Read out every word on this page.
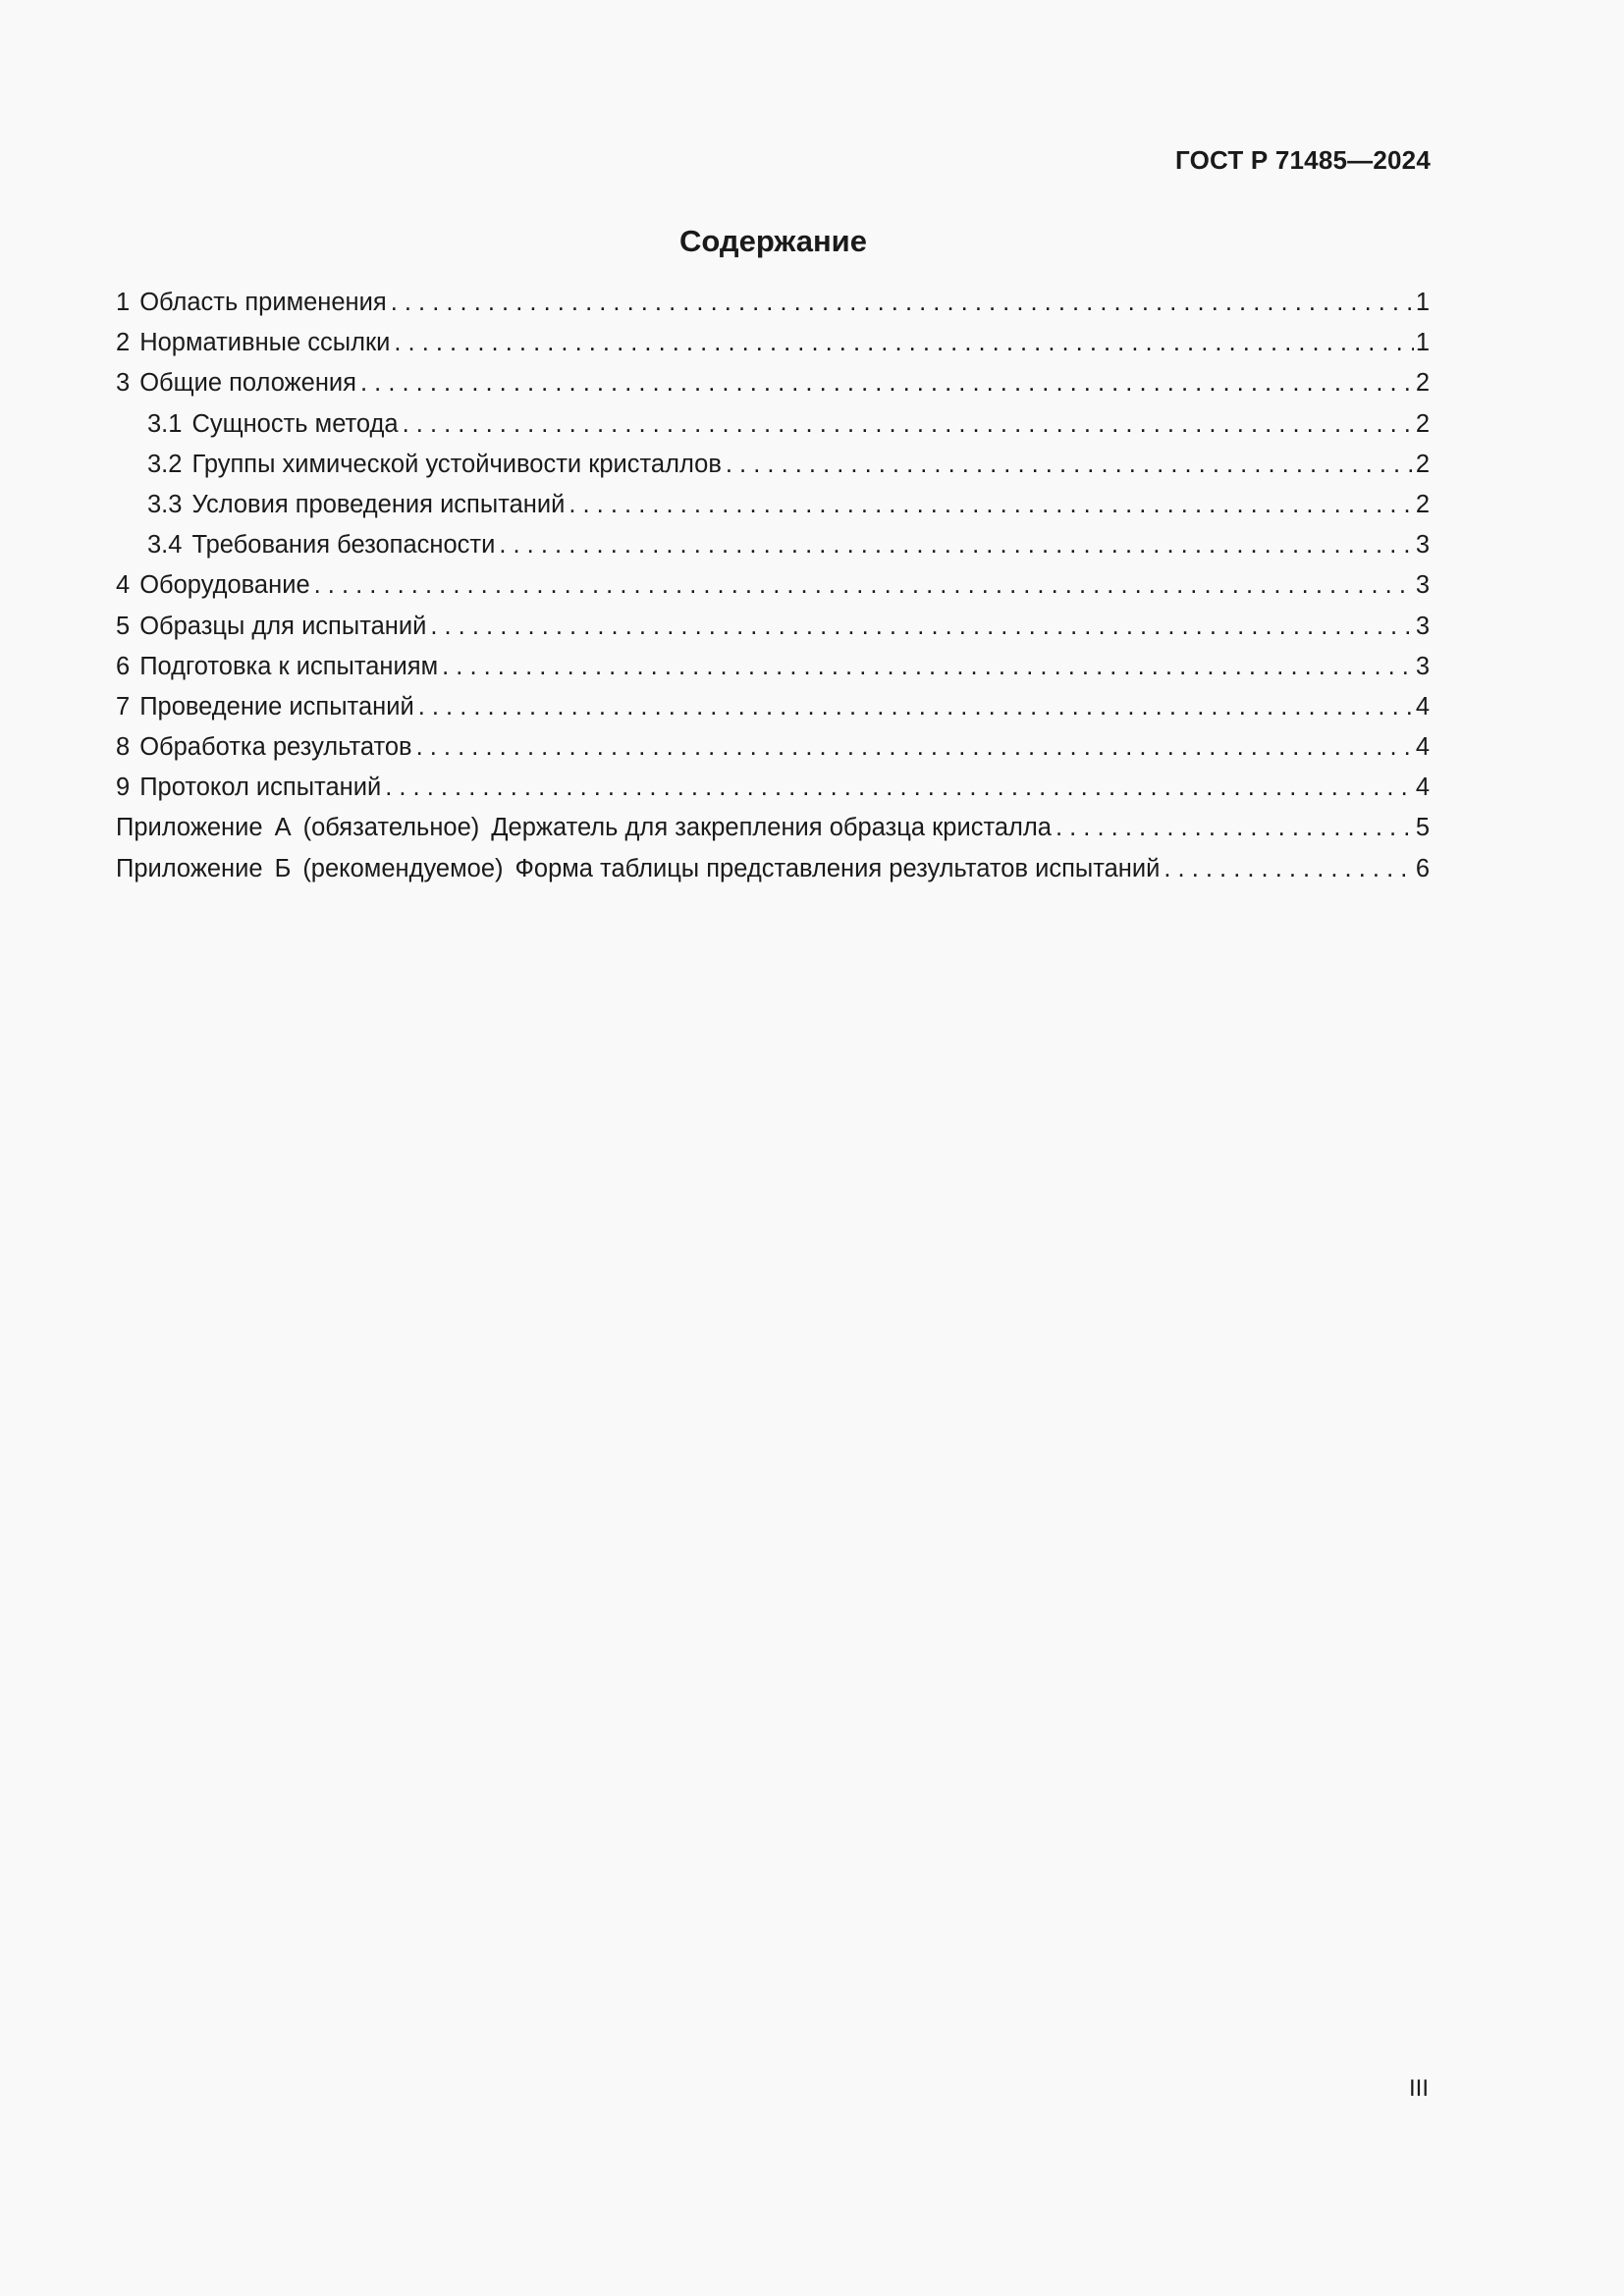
ГОСТ Р 71485—2024
Содержание
1 Область применения . . .	1
2 Нормативные ссылки . . .	1
3 Общие положения . . .	2
3.1 Сущность метода . . .	2
3.2 Группы химической устойчивости кристаллов . . .	2
3.3 Условия проведения испытаний . . .	2
3.4 Требования безопасности . . .	3
4 Оборудование . . .	3
5 Образцы для испытаний . . .	3
6 Подготовка к испытаниям . . .	3
7 Проведение испытаний . . .	4
8 Обработка результатов . . .	4
9 Протокол испытаний . . .	4
Приложение А (обязательное) Держатель для закрепления образца кристалла . . .	5
Приложение Б (рекомендуемое) Форма таблицы представления результатов испытаний . . .	6
III
